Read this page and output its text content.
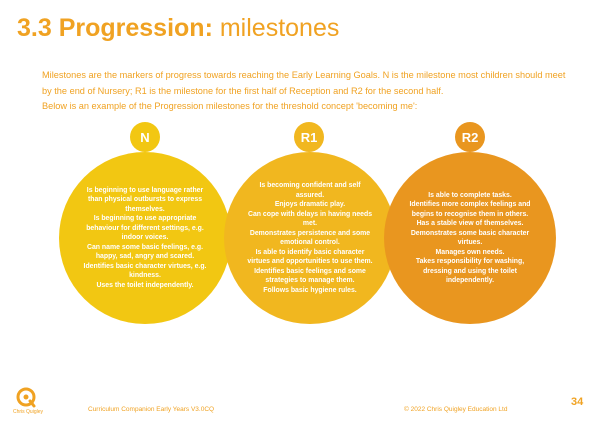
3.3 Progression: milestones

Milestones are the markers of progress towards reaching the Early Learning Goals. N is the milestone most children should meet by the end of Nursery; R1 is the milestone for the first half of Reception and R2 for the second half.

Below is an example of the Progression milestones for the threshold concept 'becoming me':

N
Is beginning to use language rather than physical outbursts to express themselves.
Is beginning to use appropriate behaviour for different settings, e.g. indoor voices.
Can name some basic feelings, e.g. happy, sad, angry and scared.
Identifies basic character virtues, e.g. kindness.
Uses the toilet independently.
R1
Is becoming confident and self assured.
Enjoys dramatic play.
Can cope with delays in having needs met.
Demonstrates persistence and some emotional control.
Is able to identify basic character virtues and opportunities to use them.
Identifies basic feelings and some strategies to manage them.
Follows basic hygiene rules.
R2
Is able to complete tasks.
Identifies more complex feelings and begins to recognise them in others.
Has a stable view of themselves.
Demonstrates some basic character virtues.
Manages own needs.
Takes responsibility for washing, dressing and using the toilet independently.
Chris Quigley	Curriculum Companion Early Years V3.0CQ	© 2022 Chris Quigley Education Ltd
34
